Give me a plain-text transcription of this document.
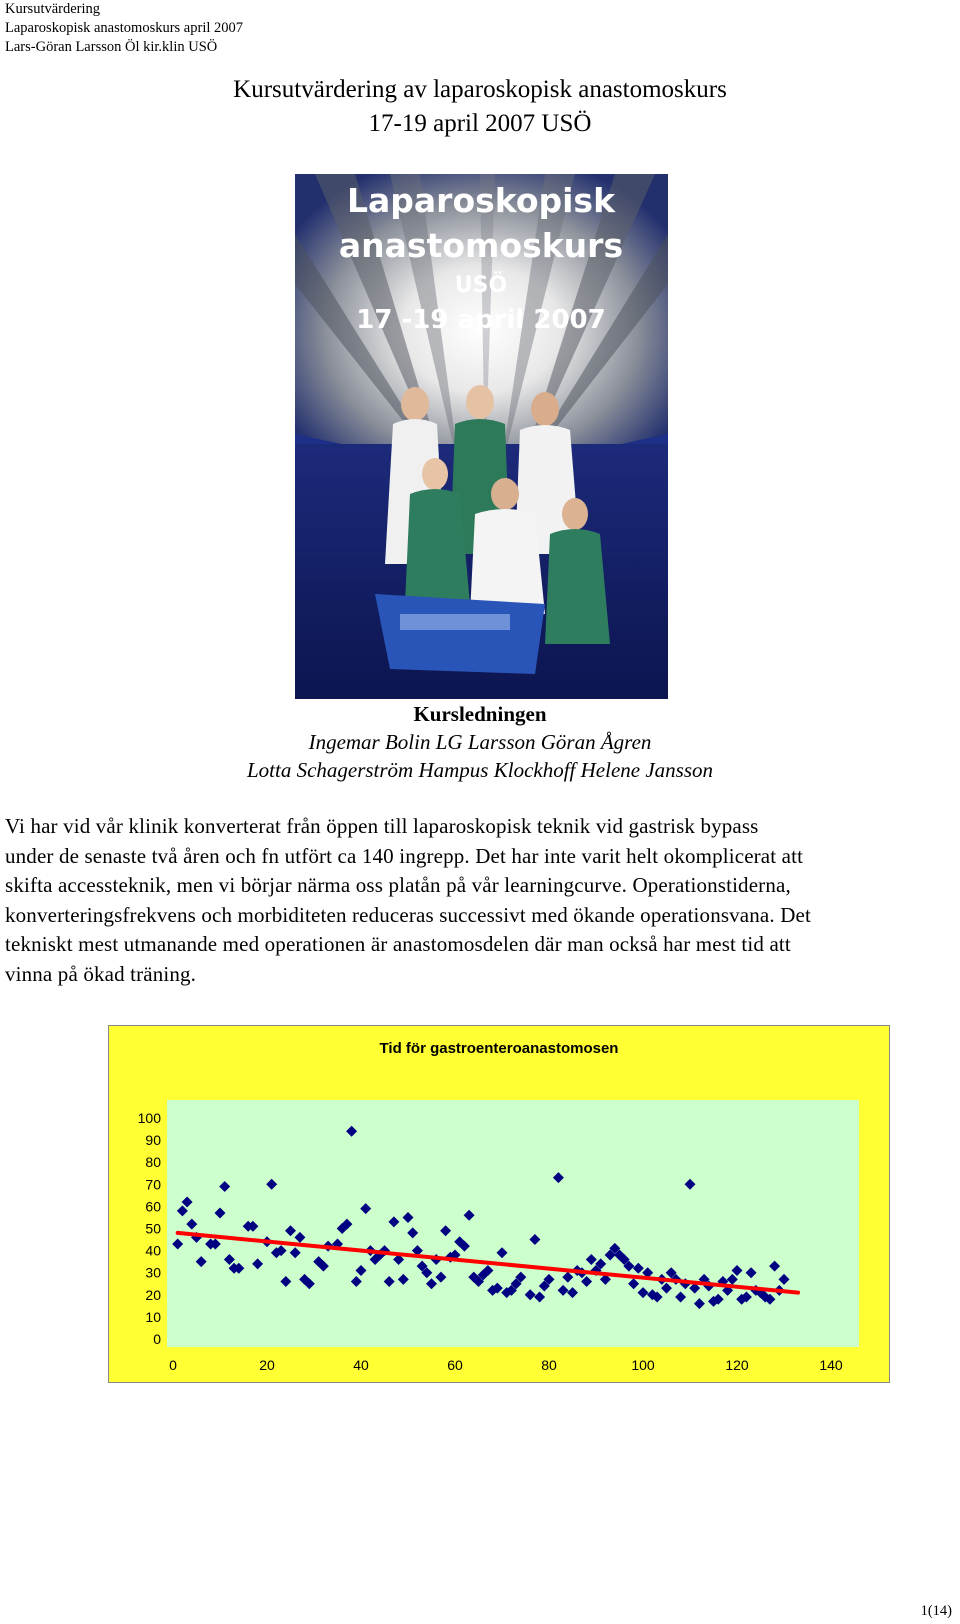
Kursutvärdering
Laparoskopisk anastomoskurs april 2007
Lars-Göran Larsson Öl kir.klin USÖ
Kursutvärdering av laparoskopisk anastomoskurs
17-19 april 2007 USÖ
Laparoskopisk
anastomoskurs
USÖ
17 -19 april 2007
Kursledningen
Ingemar Bolin LG Larsson Göran Ågren
Lotta Schagerström Hampus Klockhoff Helene Jansson
Vi har vid vår klinik konverterat från öppen till laparoskopisk teknik vid gastrisk bypass
under de senaste två åren och fn utfört ca 140 ingrepp. Det har inte varit helt okomplicerat att
skifta accessteknik, men vi börjar närma oss platån på vår learningcurve. Operationstiderna,
konverteringsfrekvens och morbiditeten reduceras successivt med ökande operationsvana. Det
tekniskt mest utmanande med operationen är anastomosdelen där man också har mest tid att
vinna på ökad träning.
Tid för gastroenteroanastomosen
100
90
80
70
60
50
40
30
20
10
0
0	20	40	60	80	100	120	140
1(14)
